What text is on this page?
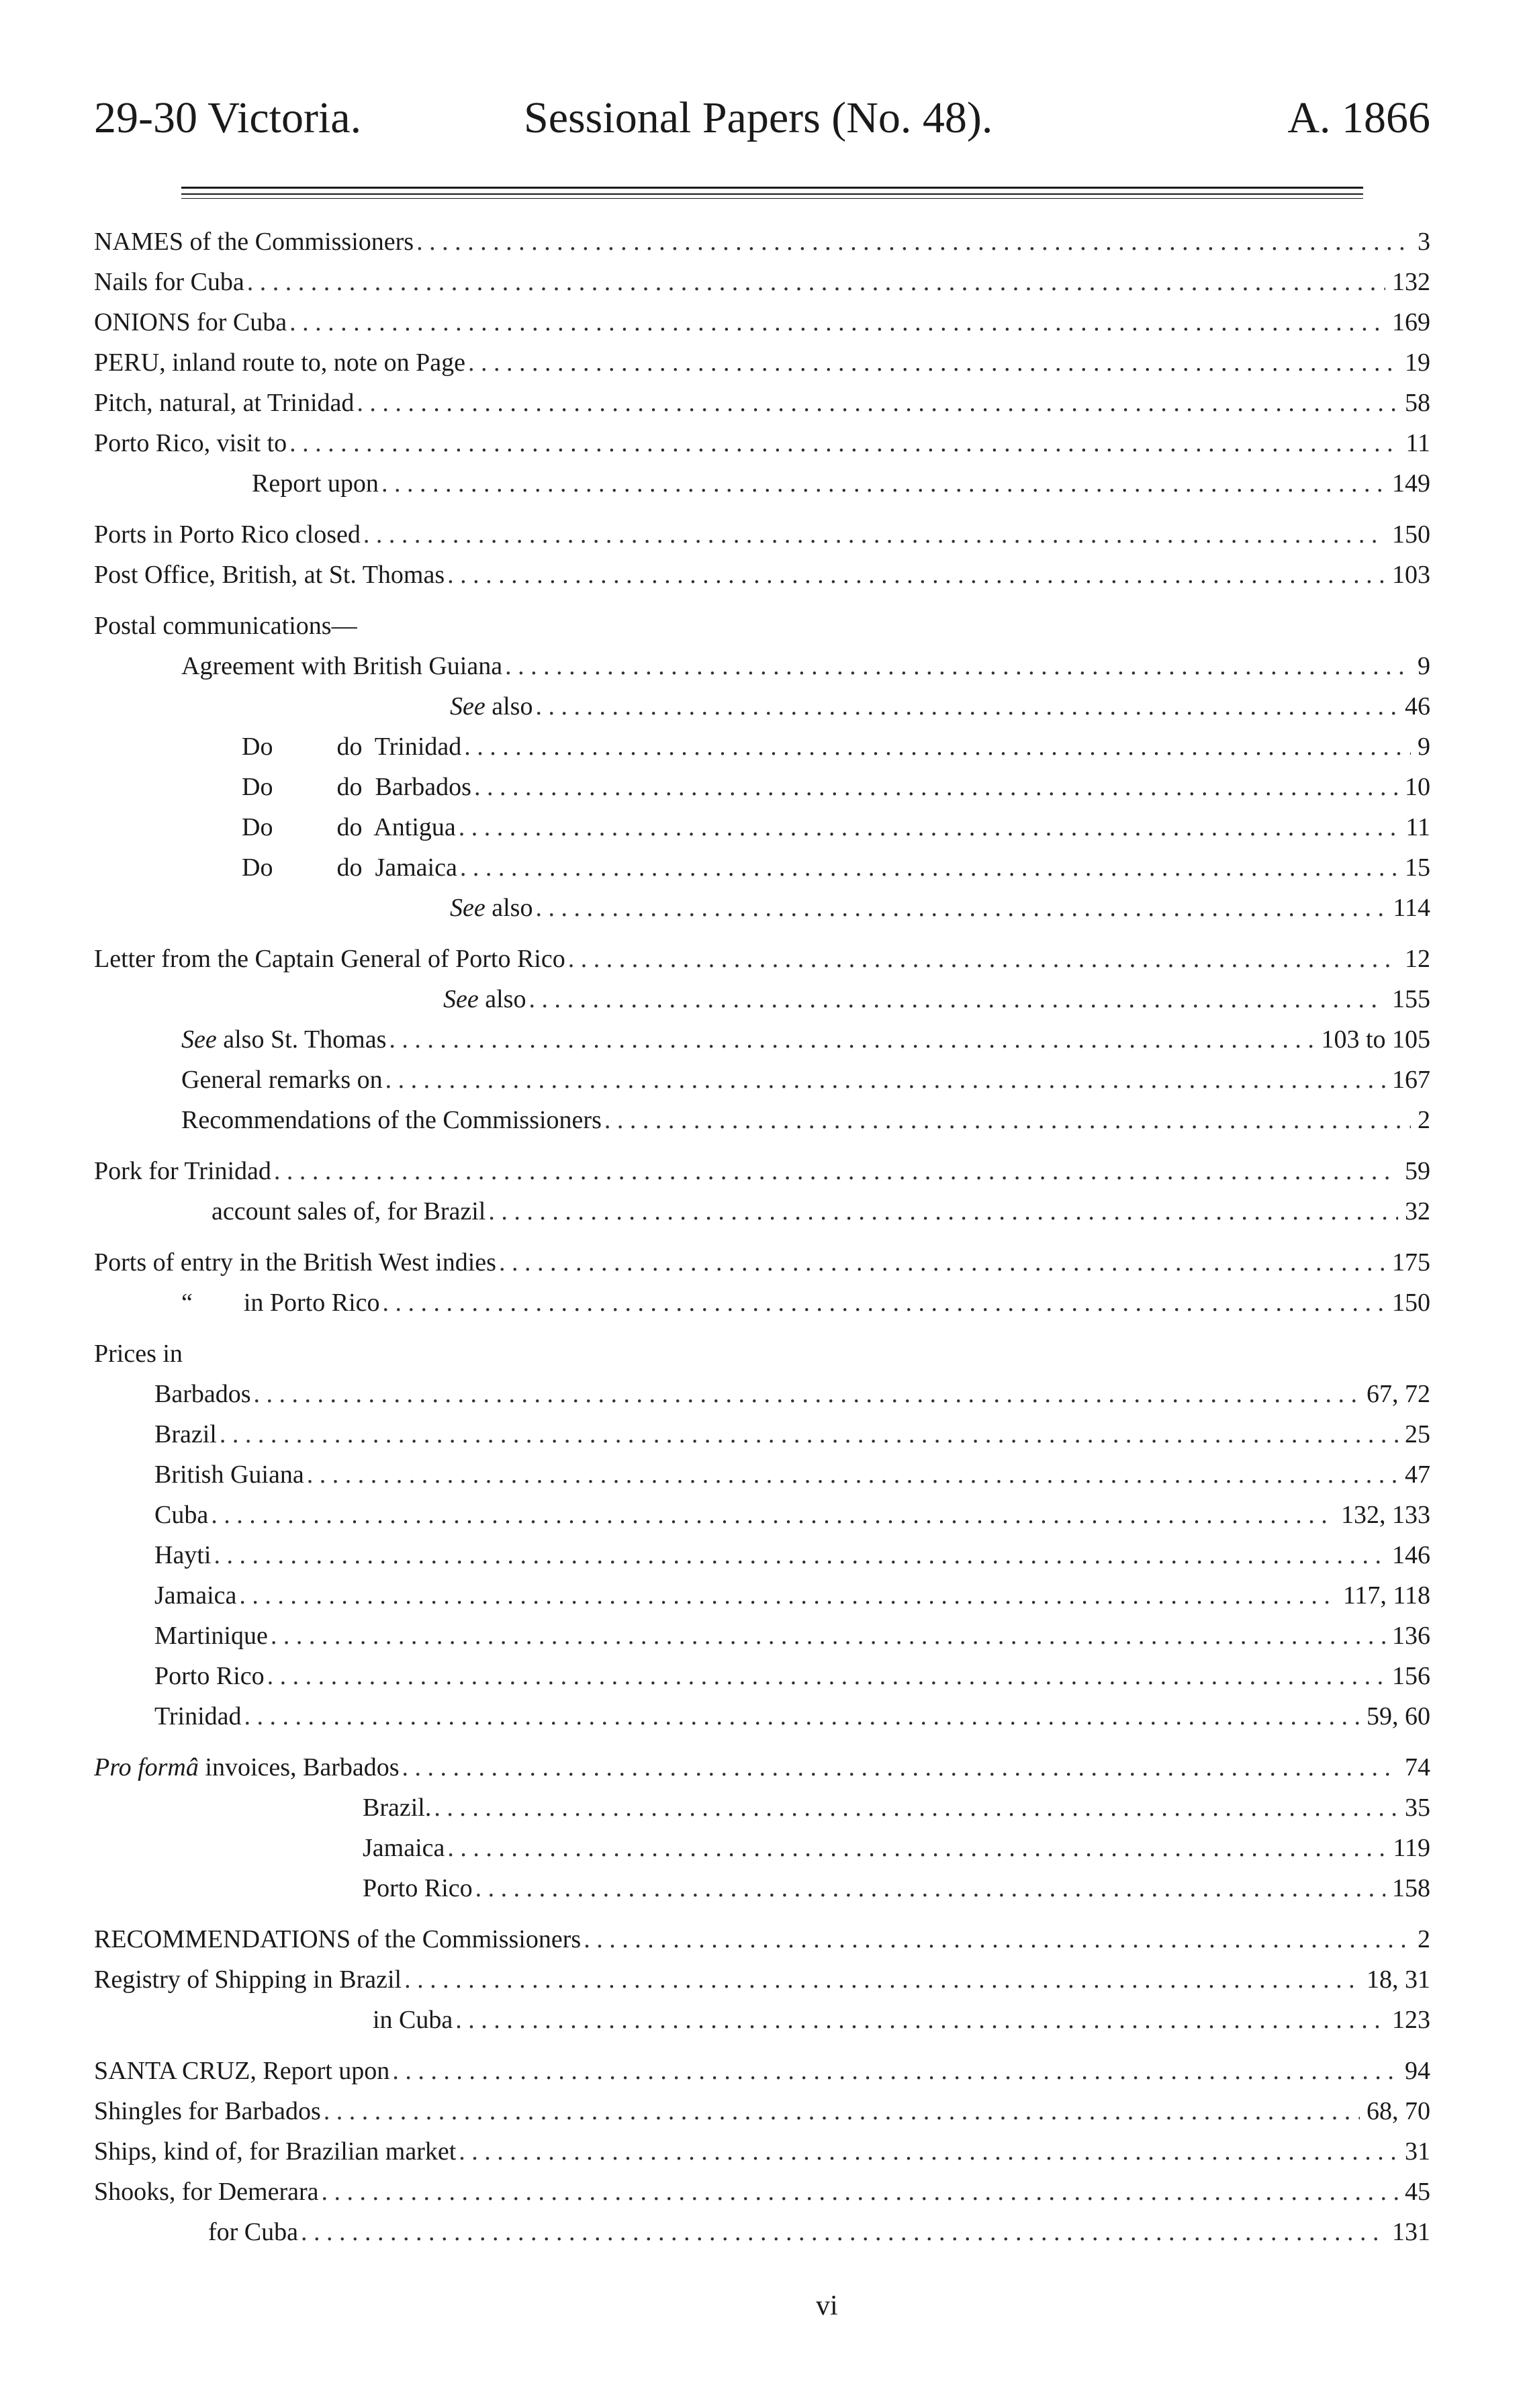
29-30 Victoria.	Sessional Papers (No. 48).	A. 1866
NAMES of the Commissioners . . .	3
Nails for Cuba . . .	132
ONIONS for Cuba . . .	169
PERU, inland route to, note on Page . . .	19
Pitch, natural, at Trinidad . . .	58
Porto Rico, visit to . . .	11
Report upon . . .	149
Ports in Porto Rico closed . . .	150
Post Office, British, at St. Thomas . . .	103
Postal communications—
Agreement with British Guiana . . .	9
See also . . .	46
Do          do  Trinidad . . .	9
Do          do  Barbados . . .	10
Do          do  Antigua . . .	11
Do          do  Jamaica . . .	15
See also . . .	114
Letter from the Captain General of Porto Rico . . .	12
See also . . .	155
See also St. Thomas . . .	103 to 105
General remarks on . . .	167
Recommendations of the Commissioners . . .	2
Pork for Trinidad . . .	59
account sales of, for Brazil . . .	32
Ports of entry in the British West indies . . .	175
“        in Porto Rico . . .	150
Prices in
Barbados . . .	67, 72
Brazil . . .	25
British Guiana . . .	47
Cuba . . .	132, 133
Hayti . . .	146
Jamaica . . .	117, 118
Martinique . . .	136
Porto Rico . . .	156
Trinidad . . .	59, 60
Pro formâ invoices, Barbados . . .	74
Brazil. . . .	35
Jamaica . . .	119
Porto Rico . . .	158
RECOMMENDATIONS of the Commissioners . . .	2
Registry of Shipping in Brazil . . .	18, 31
in Cuba . . .	123
SANTA CRUZ, Report upon . . .	94
Shingles for Barbados . . .	68, 70
Ships, kind of, for Brazilian market . . .	31
Shooks, for Demerara . . .	45
for Cuba . . .	131
vi
